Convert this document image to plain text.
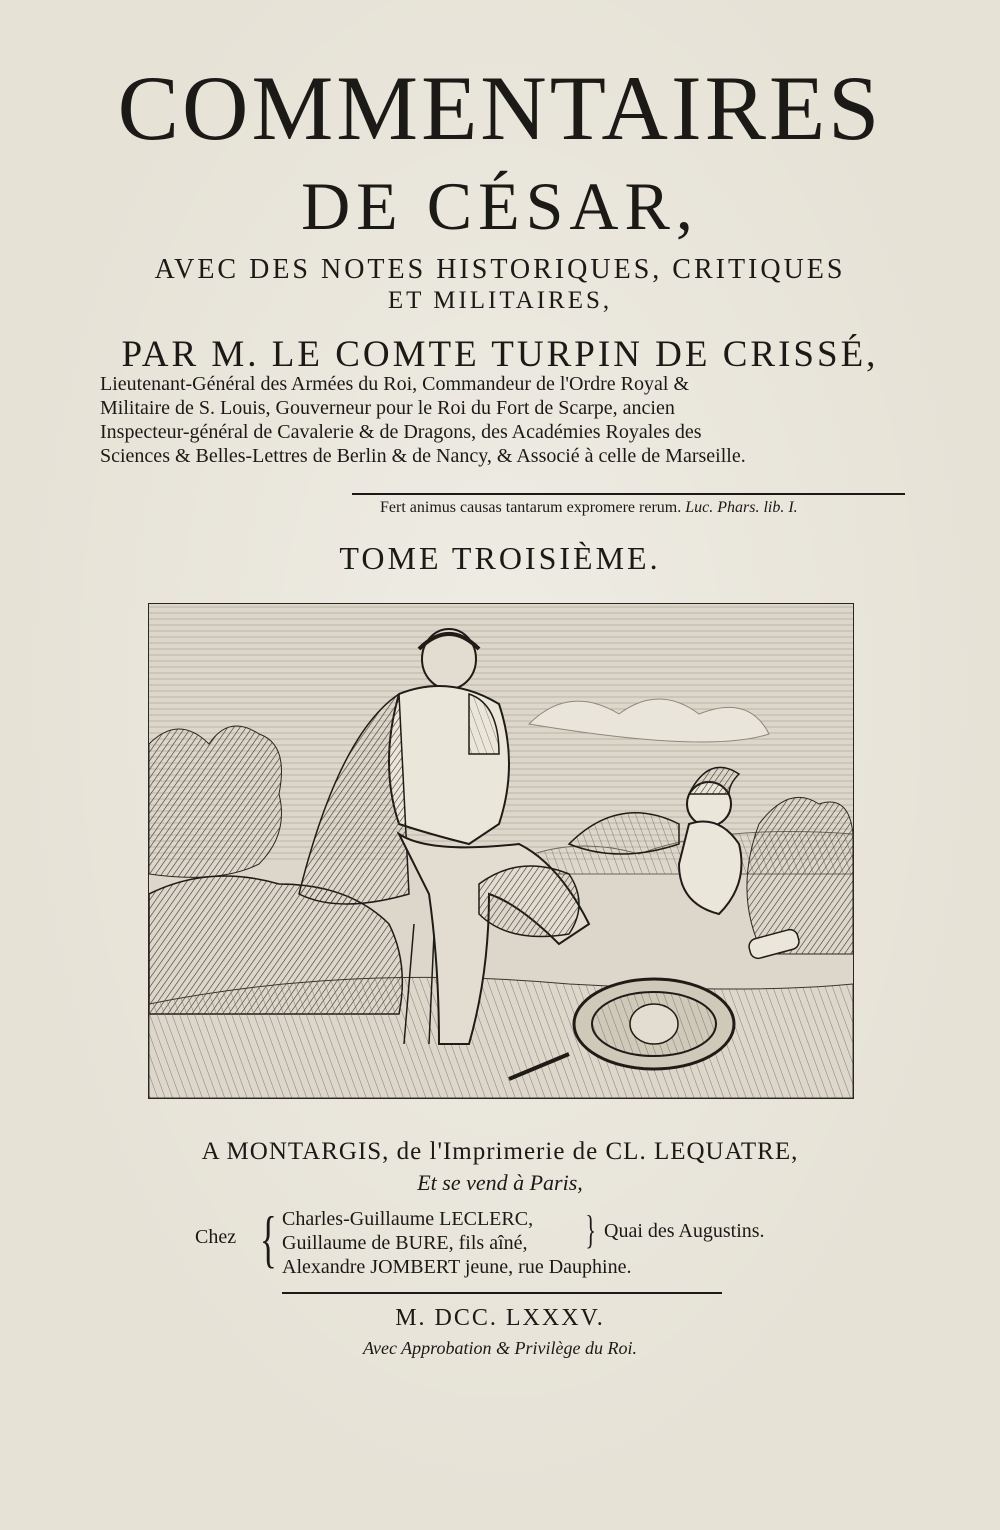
COMMENTAIRES
DE CÉSAR,
AVEC DES NOTES HISTORIQUES, CRITIQUES
ET MILITAIRES,
PAR M. LE COMTE TURPIN DE CRISSÉ,
Lieutenant-Général des Armées du Roi, Commandeur de l'Ordre Royal &
Militaire de S. Louis, Gouverneur pour le Roi du Fort de Scarpe, ancien
Inspecteur-général de Cavalerie & de Dragons, des Académies Royales des
Sciences & Belles-Lettres de Berlin & de Nancy, & Associé à celle de Marseille.
Fert animus causas tantarum expromere rerum. Luc. Phars. lib. I.
TOME TROISIÈME.
A MONTARGIS, de l'Imprimerie de CL. LEQUATRE,
Et se vend à Paris,
Chez { Charles-Guillaume LECLERC,
Guillaume de BURE, fils aîné,
Alexandre JOMBERT jeune, rue Dauphine.
} Quai des Augustins.
M. DCC. LXXXV.
Avec Approbation & Privilège du Roi.
